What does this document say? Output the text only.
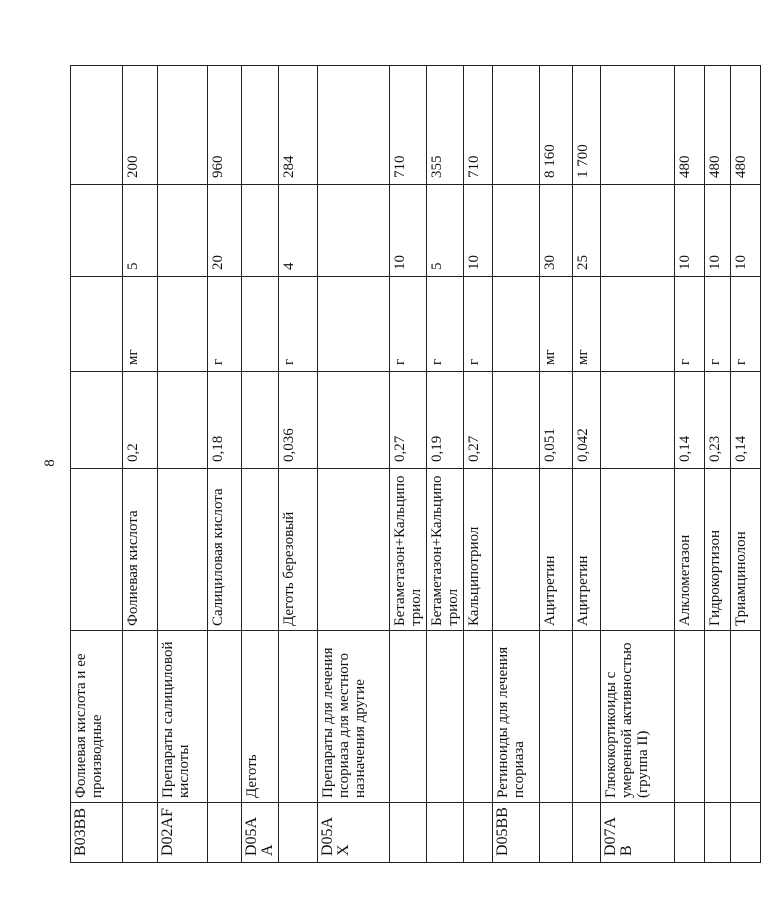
8
B03BB	Фолиевая кислота и ее производные					
		Фолиевая кислота	0,2	мг	5	200
D02AF	Препараты салициловой кислоты					
		Салициловая кислота	0,18	г	20	960
D05AA	Деготь					
		Деготь березовый	0,036	г	4	284
D05AX	Препараты для лечения псориаза для местного назначения другие					
		Бетаметазон+Кальципотриол	0,27	г	10	710
		Бетаметазон+Кальципотриол	0,19	г	5	355
		Кальципотриол	0,27	г	10	710
D05BB	Ретиноиды для лечения псориаза					
		Ацитретин	0,051	мг	30	8 160
		Ацитретин	0,042	мг	25	1 700
D07AB	Глюкокортикоиды с умеренной активностью (группа II)					
		Алклометазон	0,14	г	10	480
		Гидрокортизон	0,23	г	10	480
		Триамцинолон	0,14	г	10	480
